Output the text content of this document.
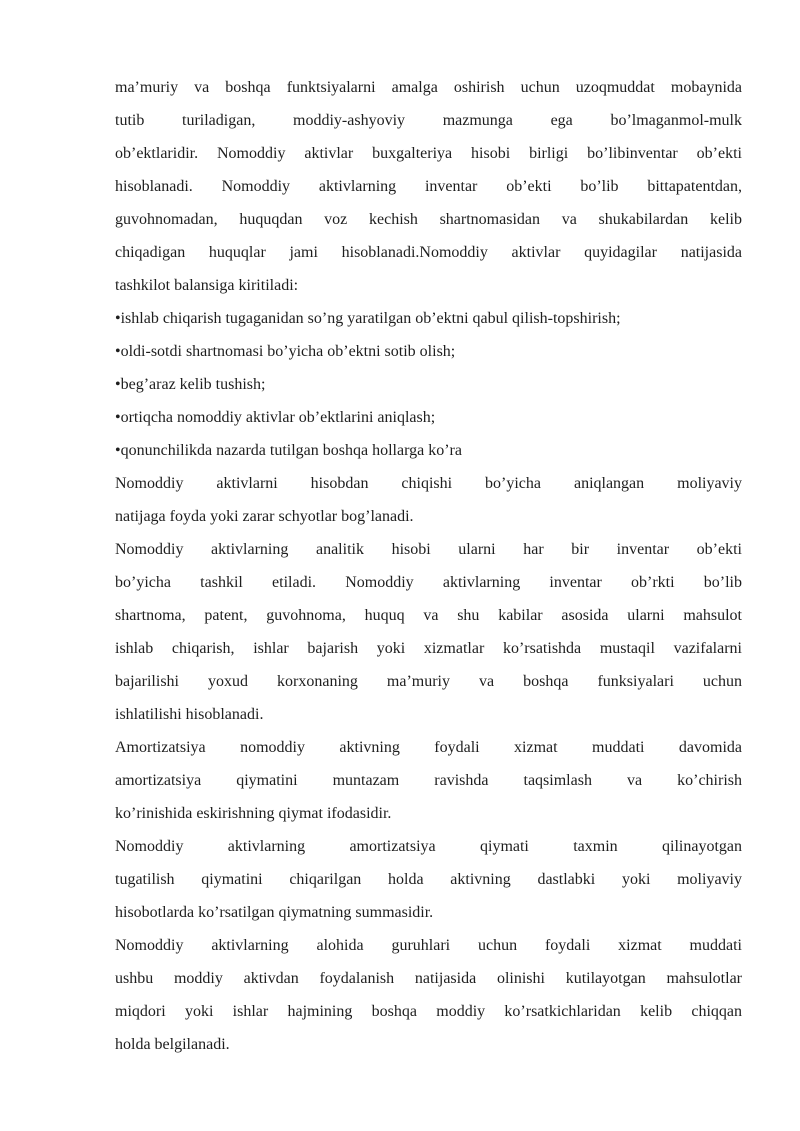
ma’muriy va boshqa funktsiyalarni amalga oshirish uchun uzoqmuddat mobaynida
tutib turiladigan, moddiy-ashyoviy mazmunga ega bo’lmaganmol-mulk
ob’ektlaridir. Nomoddiy aktivlar buxgalteriya hisobi birligi bo’libinventar ob’ekti
hisoblanadi. Nomoddiy aktivlarning inventar ob’ekti bo’lib bittapatentdan,
guvohnomadan, huquqdan voz kechish shartnomasidan va shukabilardan kelib
chiqadigan huquqlar jami hisoblanadi.Nomoddiy aktivlar quyidagilar natijasida
tashkilot balansiga kiritiladi:
•ishlab chiqarish tugaganidan so’ng yaratilgan ob’ektni qabul qilish-topshirish;
•oldi-sotdi shartnomasi bo’yicha ob’ektni sotib olish;
•beg’araz kelib tushish;
•ortiqcha nomoddiy aktivlar ob’ektlarini aniqlash;
•qonunchilikda nazarda tutilgan boshqa hollarga ko’ra
Nomoddiy aktivlarni hisobdan chiqishi bo’yicha aniqlangan moliyaviy
natijaga foyda yoki zarar schyotlar bog’lanadi.
Nomoddiy aktivlarning analitik hisobi ularni har bir inventar ob’ekti
bo’yicha tashkil etiladi. Nomoddiy aktivlarning inventar ob’rkti bo’lib
shartnoma, patent, guvohnoma, huquq va shu kabilar asosida ularni mahsulot
ishlab chiqarish, ishlar bajarish yoki xizmatlar ko’rsatishda mustaqil vazifalarni
bajarilishi yoxud korxonaning ma’muriy va boshqa funksiyalari uchun
ishlatilishi hisoblanadi.
Amortizatsiya nomoddiy aktivning foydali xizmat muddati davomida
amortizatsiya qiymatini muntazam ravishda taqsimlash va ko’chirish
ko’rinishida eskirishning qiymat ifodasidir.
Nomoddiy aktivlarning amortizatsiya qiymati taxmin qilinayotgan
tugatilish qiymatini chiqarilgan holda aktivning dastlabki yoki moliyaviy
hisobotlarda ko’rsatilgan qiymatning summasidir.
Nomoddiy aktivlarning alohida guruhlari uchun foydali xizmat muddati
ushbu moddiy aktivdan foydalanish natijasida olinishi kutilayotgan mahsulotlar
miqdori yoki ishlar hajmining boshqa moddiy ko’rsatkichlaridan kelib chiqqan
holda belgilanadi.
